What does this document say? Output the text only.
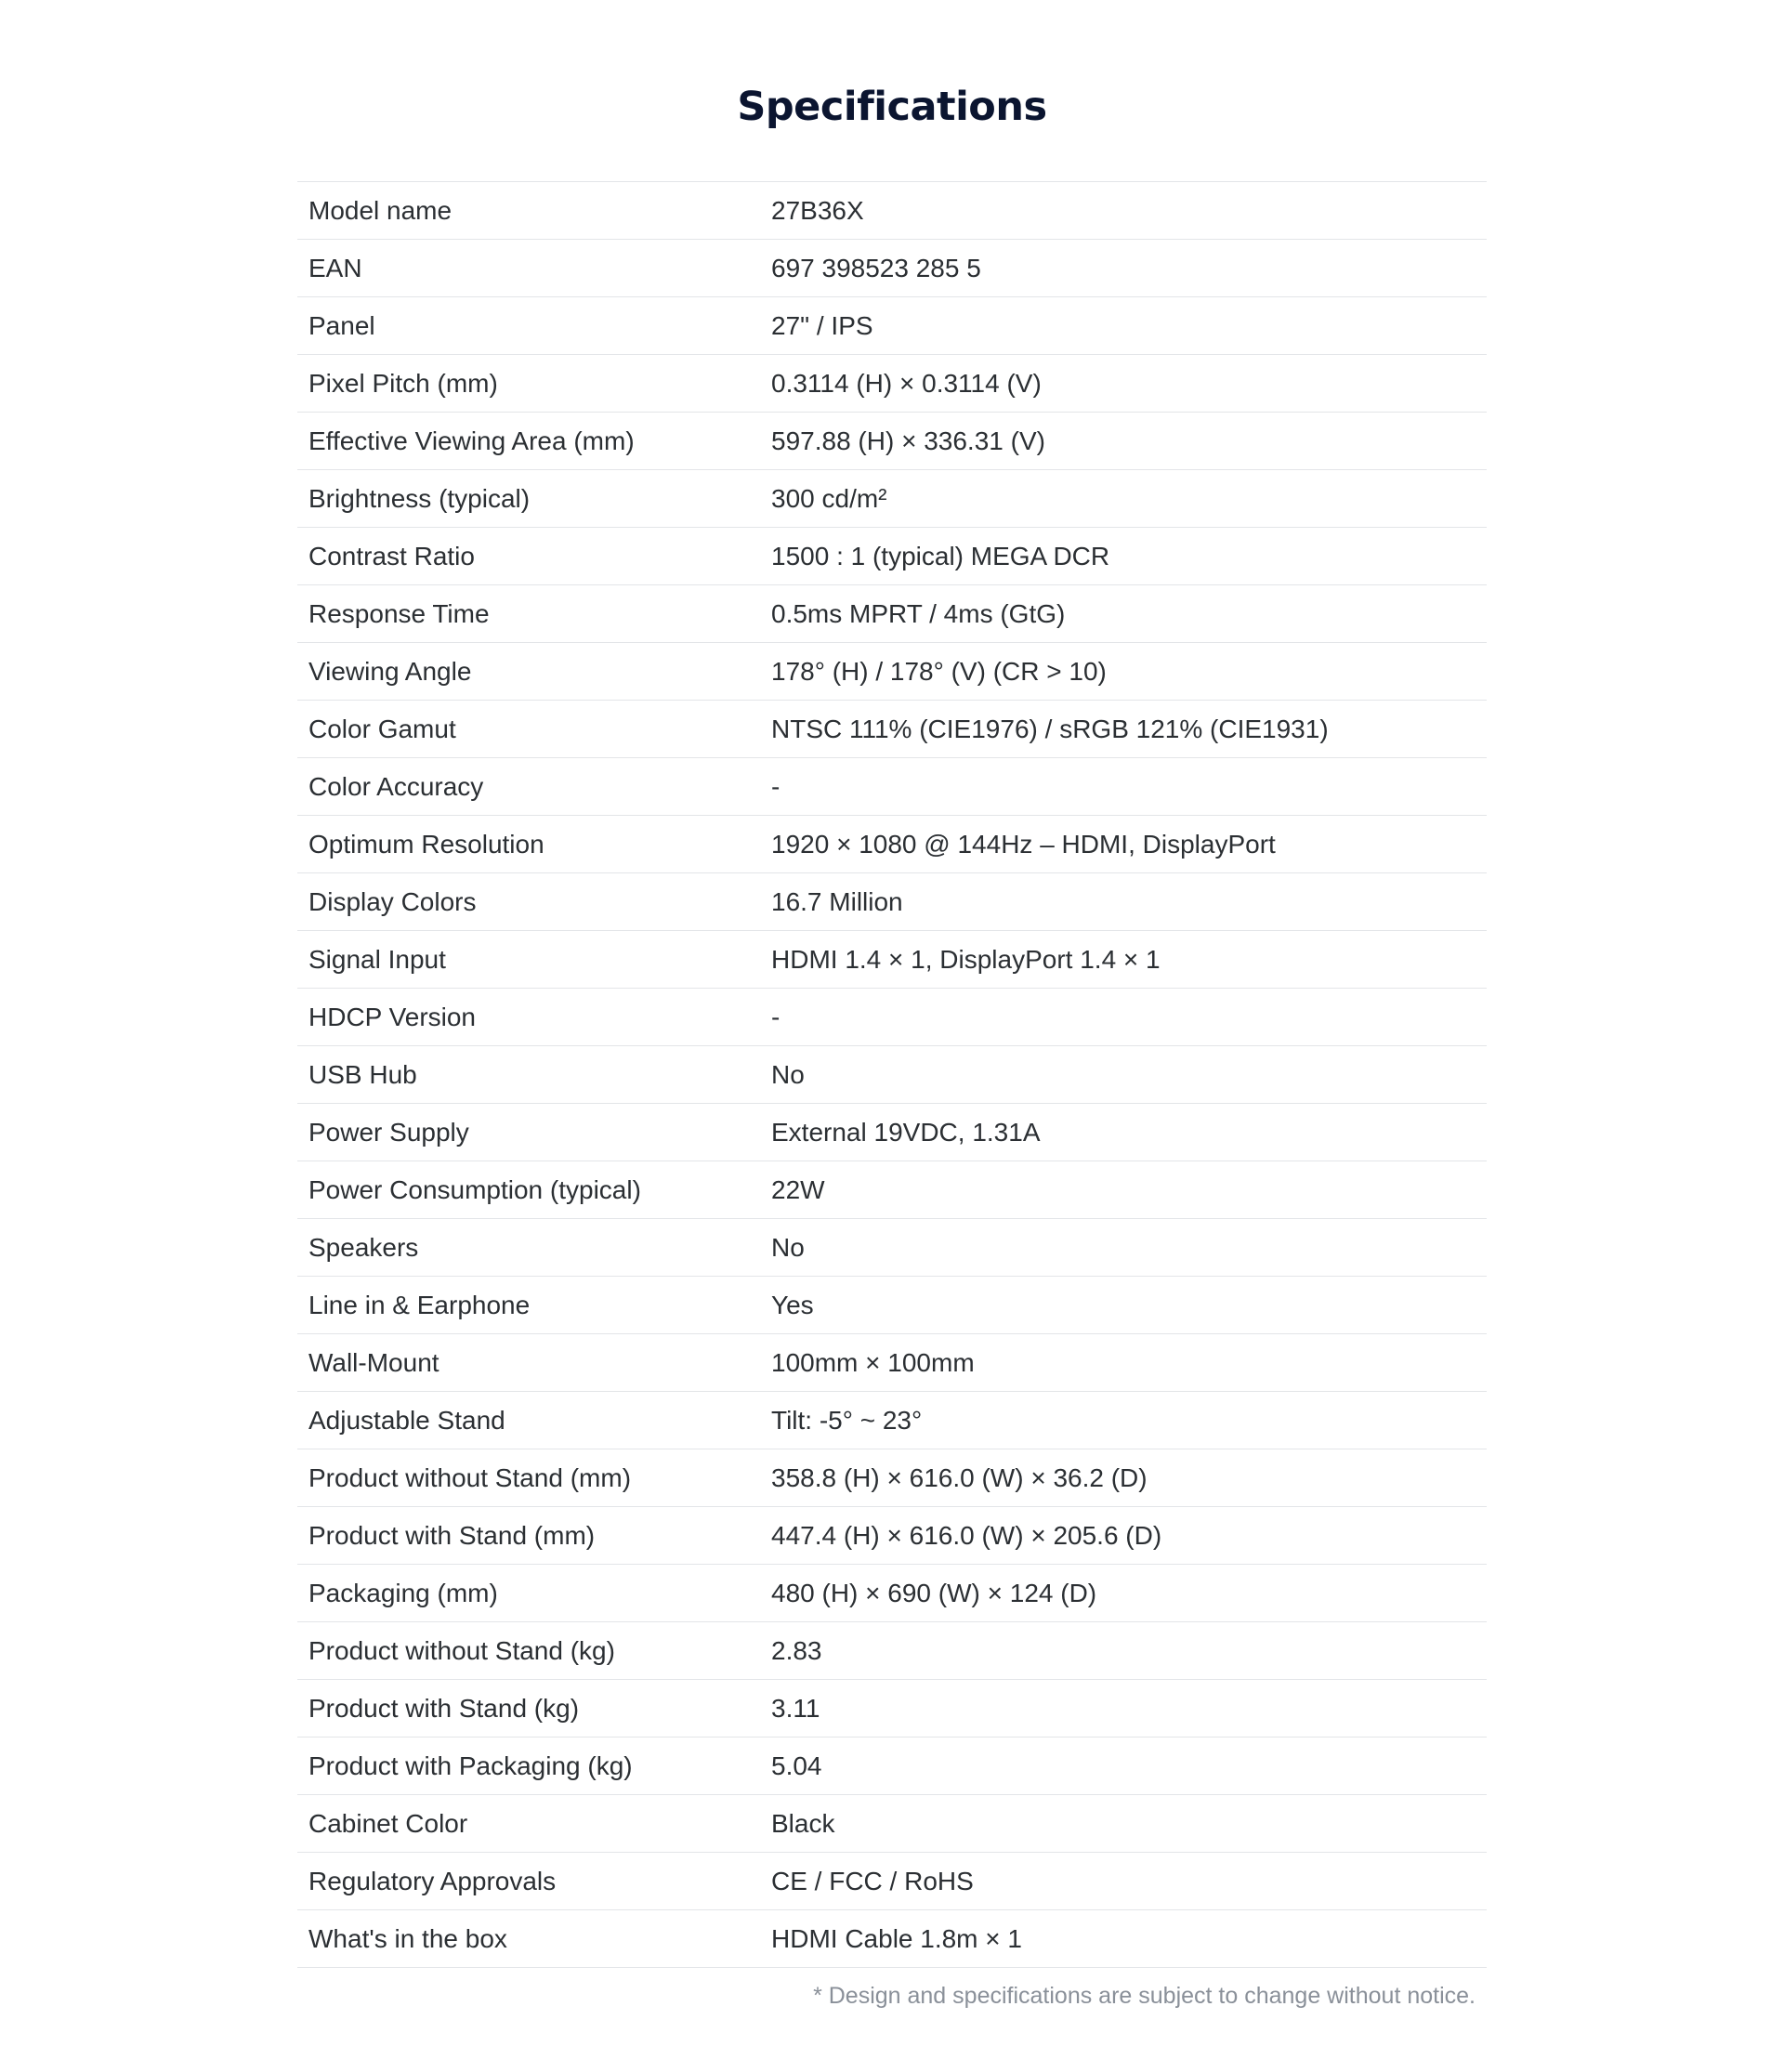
Specifications
Model name	27B36X
EAN	697 398523 285 5
Panel	27" / IPS
Pixel Pitch (mm)	0.3114 (H) × 0.3114 (V)
Effective Viewing Area (mm)	597.88 (H) × 336.31 (V)
Brightness (typical)	300 cd/m²
Contrast Ratio	1500 : 1 (typical) MEGA DCR
Response Time	0.5ms MPRT / 4ms (GtG)
Viewing Angle	178° (H) / 178° (V) (CR > 10)
Color Gamut	NTSC 111% (CIE1976) / sRGB 121% (CIE1931)
Color Accuracy	-
Optimum Resolution	1920 × 1080 @ 144Hz – HDMI, DisplayPort
Display Colors	16.7 Million
Signal Input	HDMI 1.4 × 1, DisplayPort 1.4 × 1
HDCP Version	-
USB Hub	No
Power Supply	External 19VDC, 1.31A
Power Consumption (typical)	22W
Speakers	No
Line in & Earphone	Yes
Wall-Mount	100mm × 100mm
Adjustable Stand	Tilt: -5° ~ 23°
Product without Stand (mm)	358.8 (H) × 616.0 (W) × 36.2 (D)
Product with Stand (mm)	447.4 (H) × 616.0 (W) × 205.6 (D)
Packaging (mm)	480 (H) × 690 (W) × 124 (D)
Product without Stand (kg)	2.83
Product with Stand (kg)	3.11
Product with Packaging (kg)	5.04
Cabinet Color	Black
Regulatory Approvals	CE / FCC / RoHS
What's in the box	HDMI Cable 1.8m × 1
* Design and specifications are subject to change without notice.
